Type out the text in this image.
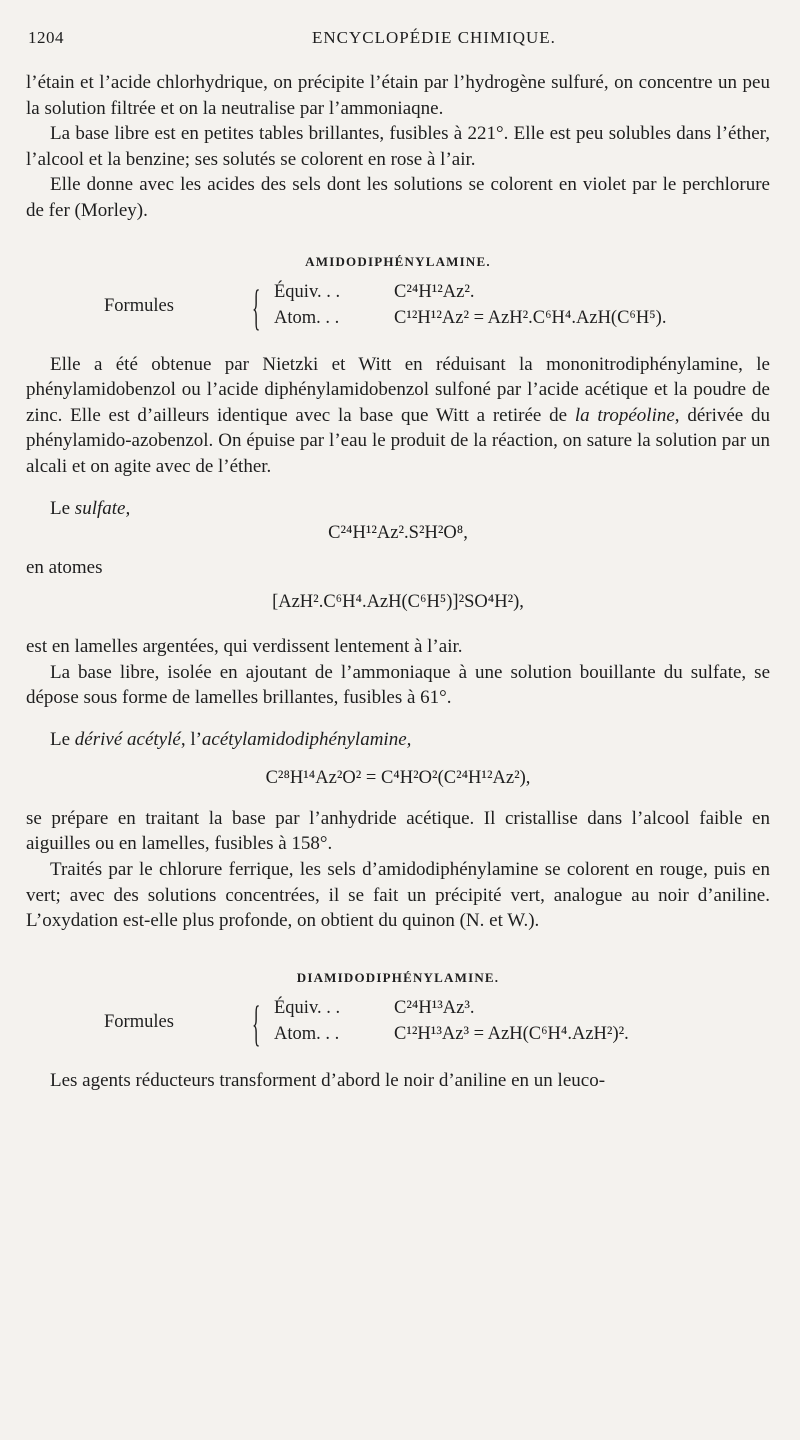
1204	ENCYCLOPÉDIE CHIMIQUE.

l’étain et l’acide chlorhydrique, on précipite l’étain par l’hydrogène sulfuré, on concentre un peu la solution filtrée et on la neutralise par l’ammoniaqne.

La base libre est en petites tables brillantes, fusibles à 221°. Elle est peu solubles dans l’éther, l’alcool et la benzine; ses solutés se colorent en rose à l’air.

Elle donne avec les acides des sels dont les solutions se colorent en violet par le perchlorure de fer (Morley).

AMIDODIPHÉNYLAMINE.
Formules { Équiv. . .	C²⁴H¹²Az².
Atom. . .	C¹²H¹²Az² = AzH².C⁶H⁴.AzH(C⁶H⁵).

Elle a été obtenue par Nietzki et Witt en réduisant la mononitrodiphénylamine, le phénylamidobenzol ou l’acide diphénylamidobenzol sulfoné par l’acide acétique et la poudre de zinc. Elle est d’ailleurs identique avec la base que Witt a retirée de la tropéoline, dérivée du phénylamido-azobenzol. On épuise par l’eau le produit de la réaction, on sature la solution par un alcali et on agite avec de l’éther.

Le sulfate,
C²⁴H¹²Az².S²H²O⁸,
en atomes
[AzH².C⁶H⁴.AzH(C⁶H⁵)]²SO⁴H²),

est en lamelles argentées, qui verdissent lentement à l’air.

La base libre, isolée en ajoutant de l’ammoniaque à une solution bouillante du sulfate, se dépose sous forme de lamelles brillantes, fusibles à 61°.

Le dérivé acétylé, l’acétylamidodiphénylamine,
C²⁸H¹⁴Az²O² = C⁴H²O²(C²⁴H¹²Az²),

se prépare en traitant la base par l’anhydride acétique. Il cristallise dans l’alcool faible en aiguilles ou en lamelles, fusibles à 158°.

Traités par le chlorure ferrique, les sels d’amidodiphénylamine se colorent en rouge, puis en vert; avec des solutions concentrées, il se fait un précipité vert, analogue au noir d’aniline. L’oxydation est-elle plus profonde, on obtient du quinon (N. et W.).

DIAMIDODIPHÉNYLAMINE.
Formules { Équiv. . .	C²⁴H¹³Az³.
Atom. . .	C¹²H¹³Az³ = AzH(C⁶H⁴.AzH²)².

Les agents réducteurs transforment d’abord le noir d’aniline en un leuco-
